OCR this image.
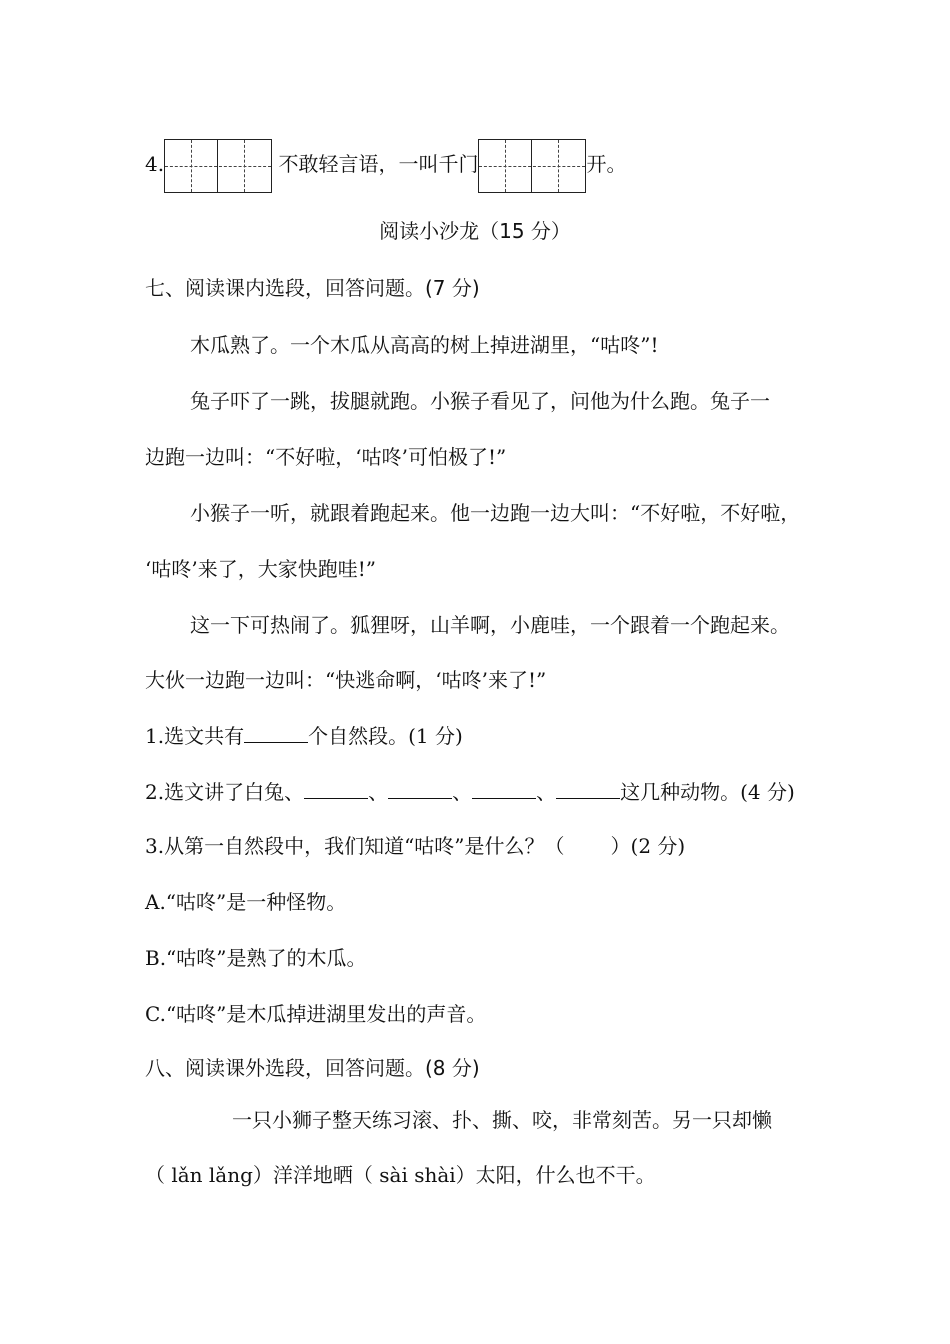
4.	不敢轻言语，一叫千门	开。
阅读小沙龙（15 分）
七、阅读课内选段，回答问题。(7 分)
木瓜熟了。一个木瓜从高高的树上掉进湖里，“咕咚”!
兔子吓了一跳，拔腿就跑。小猴子看见了，问他为什么跑。兔子一
边跑一边叫：“不好啦，‘咕咚’可怕极了!”
小猴子一听，就跟着跑起来。他一边跑一边大叫：“不好啦，不好啦，
‘咕咚’来了，大家快跑哇!”
这一下可热闹了。狐狸呀，山羊啊，小鹿哇，一个跟着一个跑起来。
大伙一边跑一边叫：“快逃命啊，‘咕咚’来了!”
1.选文共有	个自然段。(1 分)
2.选文讲了白兔、	、	、	、	这几种动物。(4 分)
3.从第一自然段中，我们知道“咕咚”是什么？（ ）(2 分)
A.“咕咚”是一种怪物。
B.“咕咚”是熟了的木瓜。
C.“咕咚”是木瓜掉进湖里发出的声音。
八、阅读课外选段，回答问题。(8 分)
一只小狮子整天练习滚、扑、撕、咬，非常刻苦。另一只却懒
（ lǎn lǎng）洋洋地晒（ sài shài）太阳，什么也不干。
